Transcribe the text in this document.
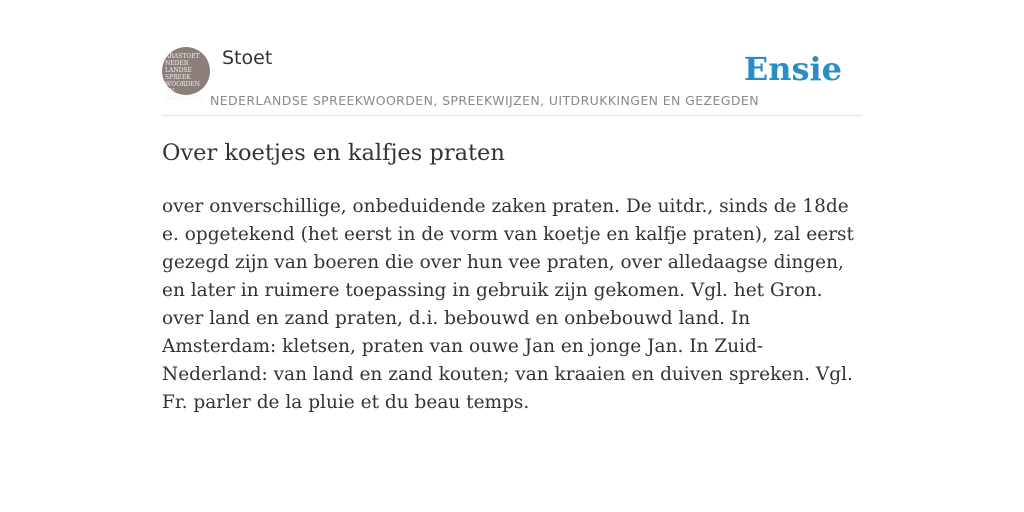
ARASTOET
NEDER
LANDSE
SPREEK
WOORDEN EN
GEZEGDEN
Stoet
NEDERLANDSE SPREEKWOORDEN, SPREEKWIJZEN, UITDRUKKINGEN EN GEZEGDEN
Ensie
Over koetjes en kalfjes praten

over onverschillige, onbeduidende zaken praten. De uitdr., sinds de 18de e. opgetekend (het eerst in de vorm van koetje en kalfje praten), zal eerst gezegd zijn van boeren die over hun vee praten, over alledaagse dingen, en later in ruimere toepassing in gebruik zijn gekomen. Vgl. het Gron. over land en zand praten, d.i. bebouwd en onbebouwd land. In Amsterdam: kletsen, praten van ouwe Jan en jonge Jan. In Zuid-Nederland: van land en zand kouten; van kraaien en duiven spreken. Vgl. Fr. parler de la pluie et du beau temps.
